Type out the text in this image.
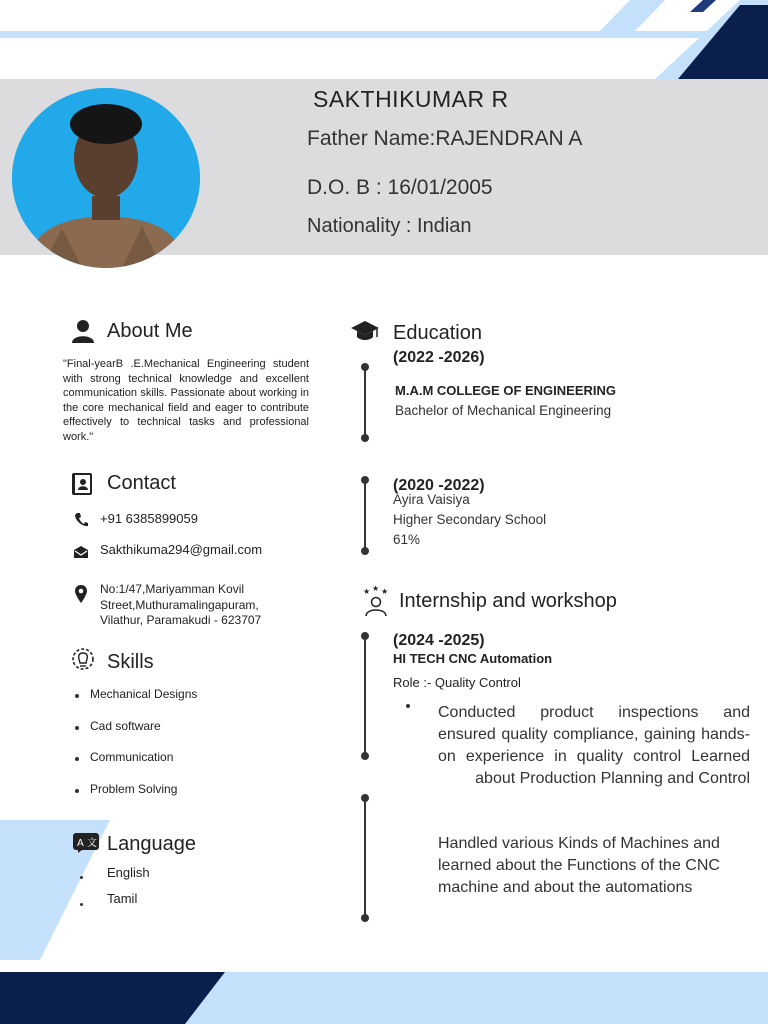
SAKTHIKUMAR R
Father Name:RAJENDRAN A
D.O. B : 16/01/2005
Nationality : Indian
About Me
"Final-yearB .E.Mechanical Engineering student with strong technical knowledge and excellent communication skills. Passionate about working in the core mechanical field and eager to contribute effectively to technical tasks and professional work."
Contact
+91 6385899059
Sakthikuma294@gmail.com
No:1/47,Mariyamman Kovil
Street,Muthuramalingapuram,
Vilathur, Paramakudi - 623707
Skills
Mechanical Designs
Cad software
Communication
Problem Solving
A 文 Language
English
Tamil
Education
(2022 -2026)
M.A.M COLLEGE OF ENGINEERING
Bachelor of Mechanical Engineering
(2020 -2022)
Ayira Vaisiya
Higher Secondary School
61%
★ ★ ★ Internship and workshop
(2024 -2025)
HI TECH CNC Automation
Role :- Quality Control
Conducted product inspections and ensured quality compliance, gaining hands-on experience in quality control Learned about Production Planning and Control
Handled various Kinds of Machines and learned about the Functions of the CNC machine and about the automations
